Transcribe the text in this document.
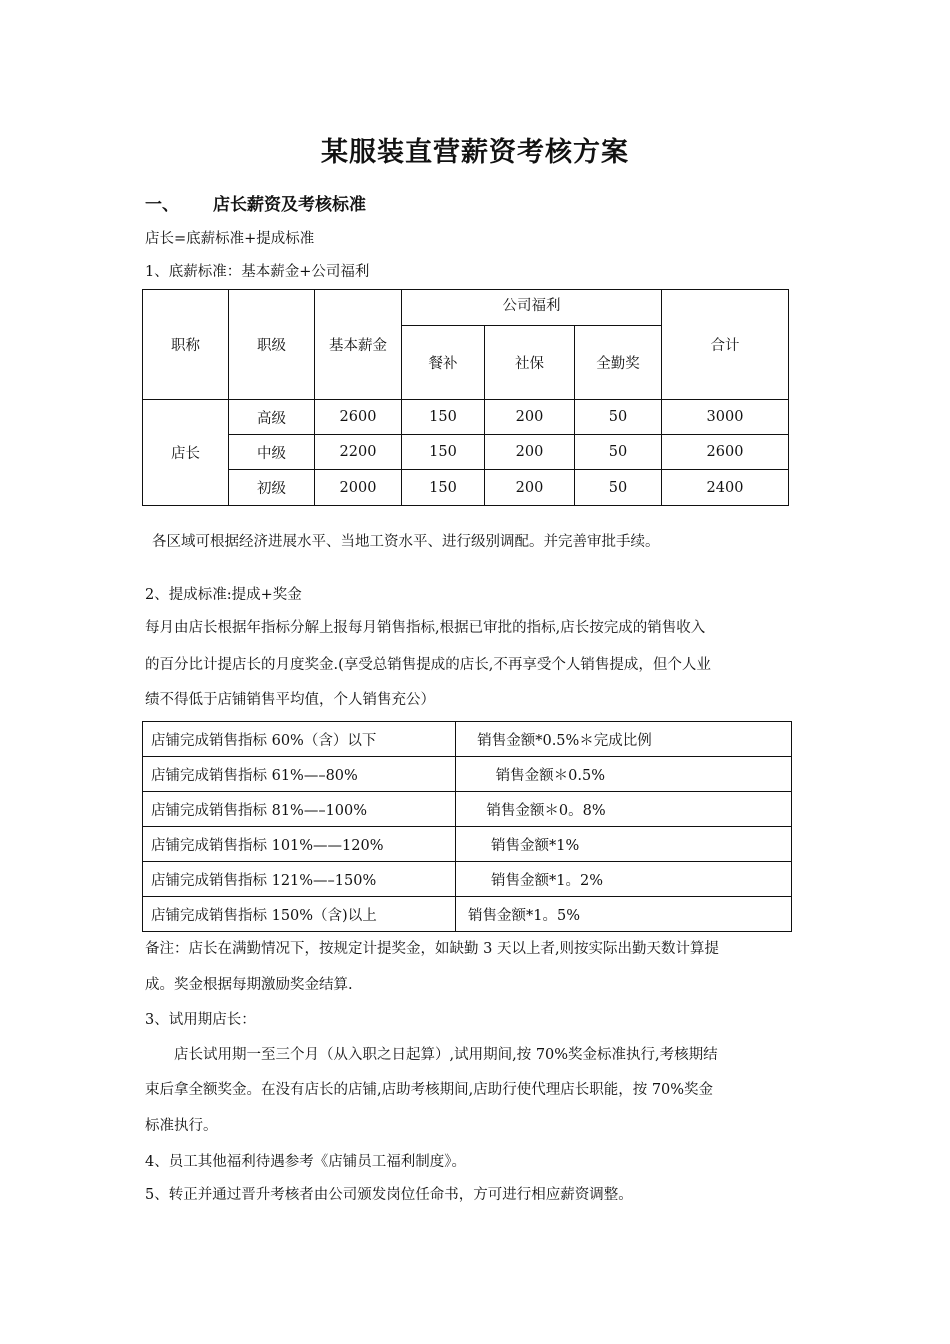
某服装直营薪资考核方案
一、 店长薪资及考核标准
店长=底薪标准+提成标准
1、底薪标准：基本薪金+公司福利
职称	职级	基本薪金	公司福利			合计
			餐补	社保	全勤奖	
店长	高级	2600	150	200	50	3000
	中级	2200	150	200	50	2600
	初级	2000	150	200	50	2400
各区域可根据经济进展水平、当地工资水平、进行级别调配。并完善审批手续。
2、提成标准:提成+奖金
每月由店长根据年指标分解上报每月销售指标,根据已审批的指标,店长按完成的销售收入
的百分比计提店长的月度奖金.(享受总销售提成的店长,不再享受个人销售提成，但个人业
绩不得低于店铺销售平均值，个人销售充公）
店铺完成销售指标 60%（含）以下	销售金额*0.5%＊完成比例
店铺完成销售指标 61%—–80%	销售金额＊0.5%
店铺完成销售指标 81%—–100%	销售金额＊0。8%
店铺完成销售指标 101%——120%	销售金额*1%
店铺完成销售指标 121%—–150%	销售金额*1。2%
店铺完成销售指标 150%（含)以上	销售金额*1。5%
备注：店长在满勤情况下，按规定计提奖金，如缺勤 3 天以上者,则按实际出勤天数计算提
成。奖金根据每期激励奖金结算.
3、试用期店长：
店长试用期一至三个月（从入职之日起算）,试用期间,按 70%奖金标准执行,考核期结
束后拿全额奖金。在没有店长的店铺,店助考核期间,店助行使代理店长职能，按 70%奖金
标准执行。
4、员工其他福利待遇参考《店铺员工福利制度》。
5、转正并通过晋升考核者由公司颁发岗位任命书，方可进行相应薪资调整。
